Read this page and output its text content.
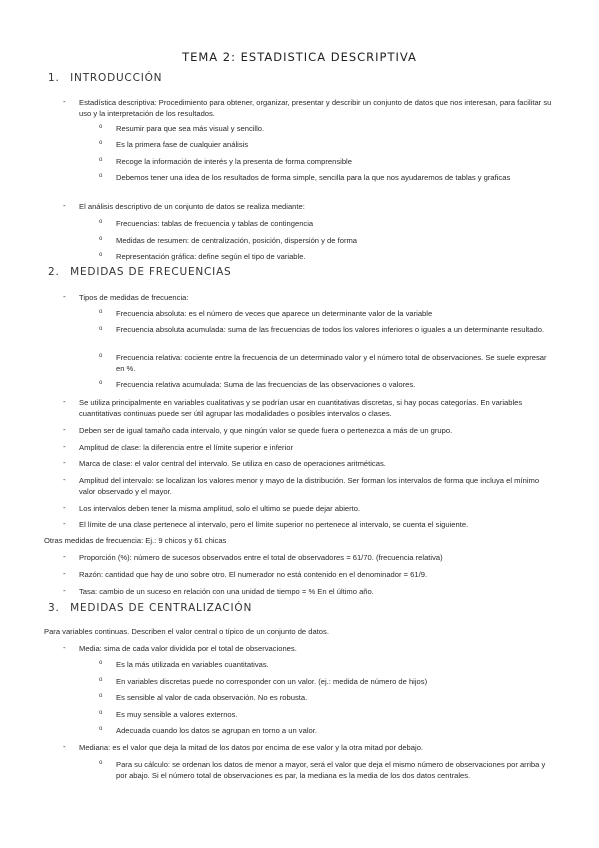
TEMA 2: ESTADISTICA DESCRIPTIVA
1. INTRODUCCIÓN
- Estadística descriptiva: Procedimiento para obtener, organizar, presentar y describir un conjunto de datos que nos interesan, para facilitar su uso y la interpretación de los resultados.
o Resumir para que sea más visual y sencillo.
o Es la primera fase de cualquier análisis
o Recoge la información de interés y la presenta de forma comprensible
o Debemos tener una idea de los resultados de forma simple, sencilla para la que nos ayudaremos de tablas y graficas
- El análisis descriptivo de un conjunto de datos se realiza mediante:
o Frecuencias: tablas de frecuencia y tablas de contingencia
o Medidas de resumen: de centralización, posición, dispersión y de forma
o Representación gráfica: define según el tipo de variable.
2. MEDIDAS DE FRECUENCIAS
- Tipos de medidas de frecuencia:
o Frecuencia absoluta: es el número de veces que aparece un determinante valor de la variable
o Frecuencia absoluta acumulada: suma de las frecuencias de todos los valores inferiores o iguales a un determinante resultado.
o Frecuencia relativa: cociente entre la frecuencia de un determinado valor y el número total de observaciones. Se suele expresar en %.
o Frecuencia relativa acumulada: Suma de las frecuencias de las observaciones o valores.
- Se utiliza principalmente en variables cualitativas y se podrían usar en cuantitativas discretas, si hay pocas categorías. En variables cuantitativas continuas puede ser útil agrupar las modalidades o posibles intervalos o clases.
- Deben ser de igual tamaño cada intervalo, y que ningún valor se quede fuera o pertenezca a más de un grupo.
- Amplitud de clase: la diferencia entre el límite superior e inferior
- Marca de clase: el valor central del intervalo. Se utiliza en caso de operaciones aritméticas.
- Amplitud del intervalo: se localizan los valores menor y mayo de la distribución. Ser forman los intervalos de forma que incluya el mínimo valor observado y el mayor.
- Los intervalos deben tener la misma amplitud, solo el ultimo se puede dejar abierto.
- El límite de una clase pertenece al intervalo, pero el límite superior no pertenece al intervalo, se cuenta el siguiente.
Otras medidas de frecuencia: Ej.: 9 chicos y 61 chicas
- Proporción (%): número de sucesos observados entre el total de observadores = 61/70. (frecuencia relativa)
- Razón: cantidad que hay de uno sobre otro. El numerador no está contenido en el denominador = 61/9.
- Tasa: cambio de un suceso en relación con una unidad de tiempo = % En el último año.
3. MEDIDAS DE CENTRALIZACIÓN
Para variables continuas. Describen el valor central o típico de un conjunto de datos.
- Media: sima de cada valor dividida por el total de observaciones.
o Es la más utilizada en variables cuantitativas.
o En variables discretas puede no corresponder con un valor. (ej.: medida de número de hijos)
o Es sensible al valor de cada observación. No es robusta.
o Es muy sensible a valores externos.
o Adecuada cuando los datos se agrupan en torno a un valor.
- Mediana: es el valor que deja la mitad de los datos por encima de ese valor y la otra mitad por debajo.
o Para su cálculo: se ordenan los datos de menor a mayor, será el valor que deja el mismo número de observaciones por arriba y por abajo. Si el número total de observaciones es par, la mediana es la media de los dos datos centrales.
